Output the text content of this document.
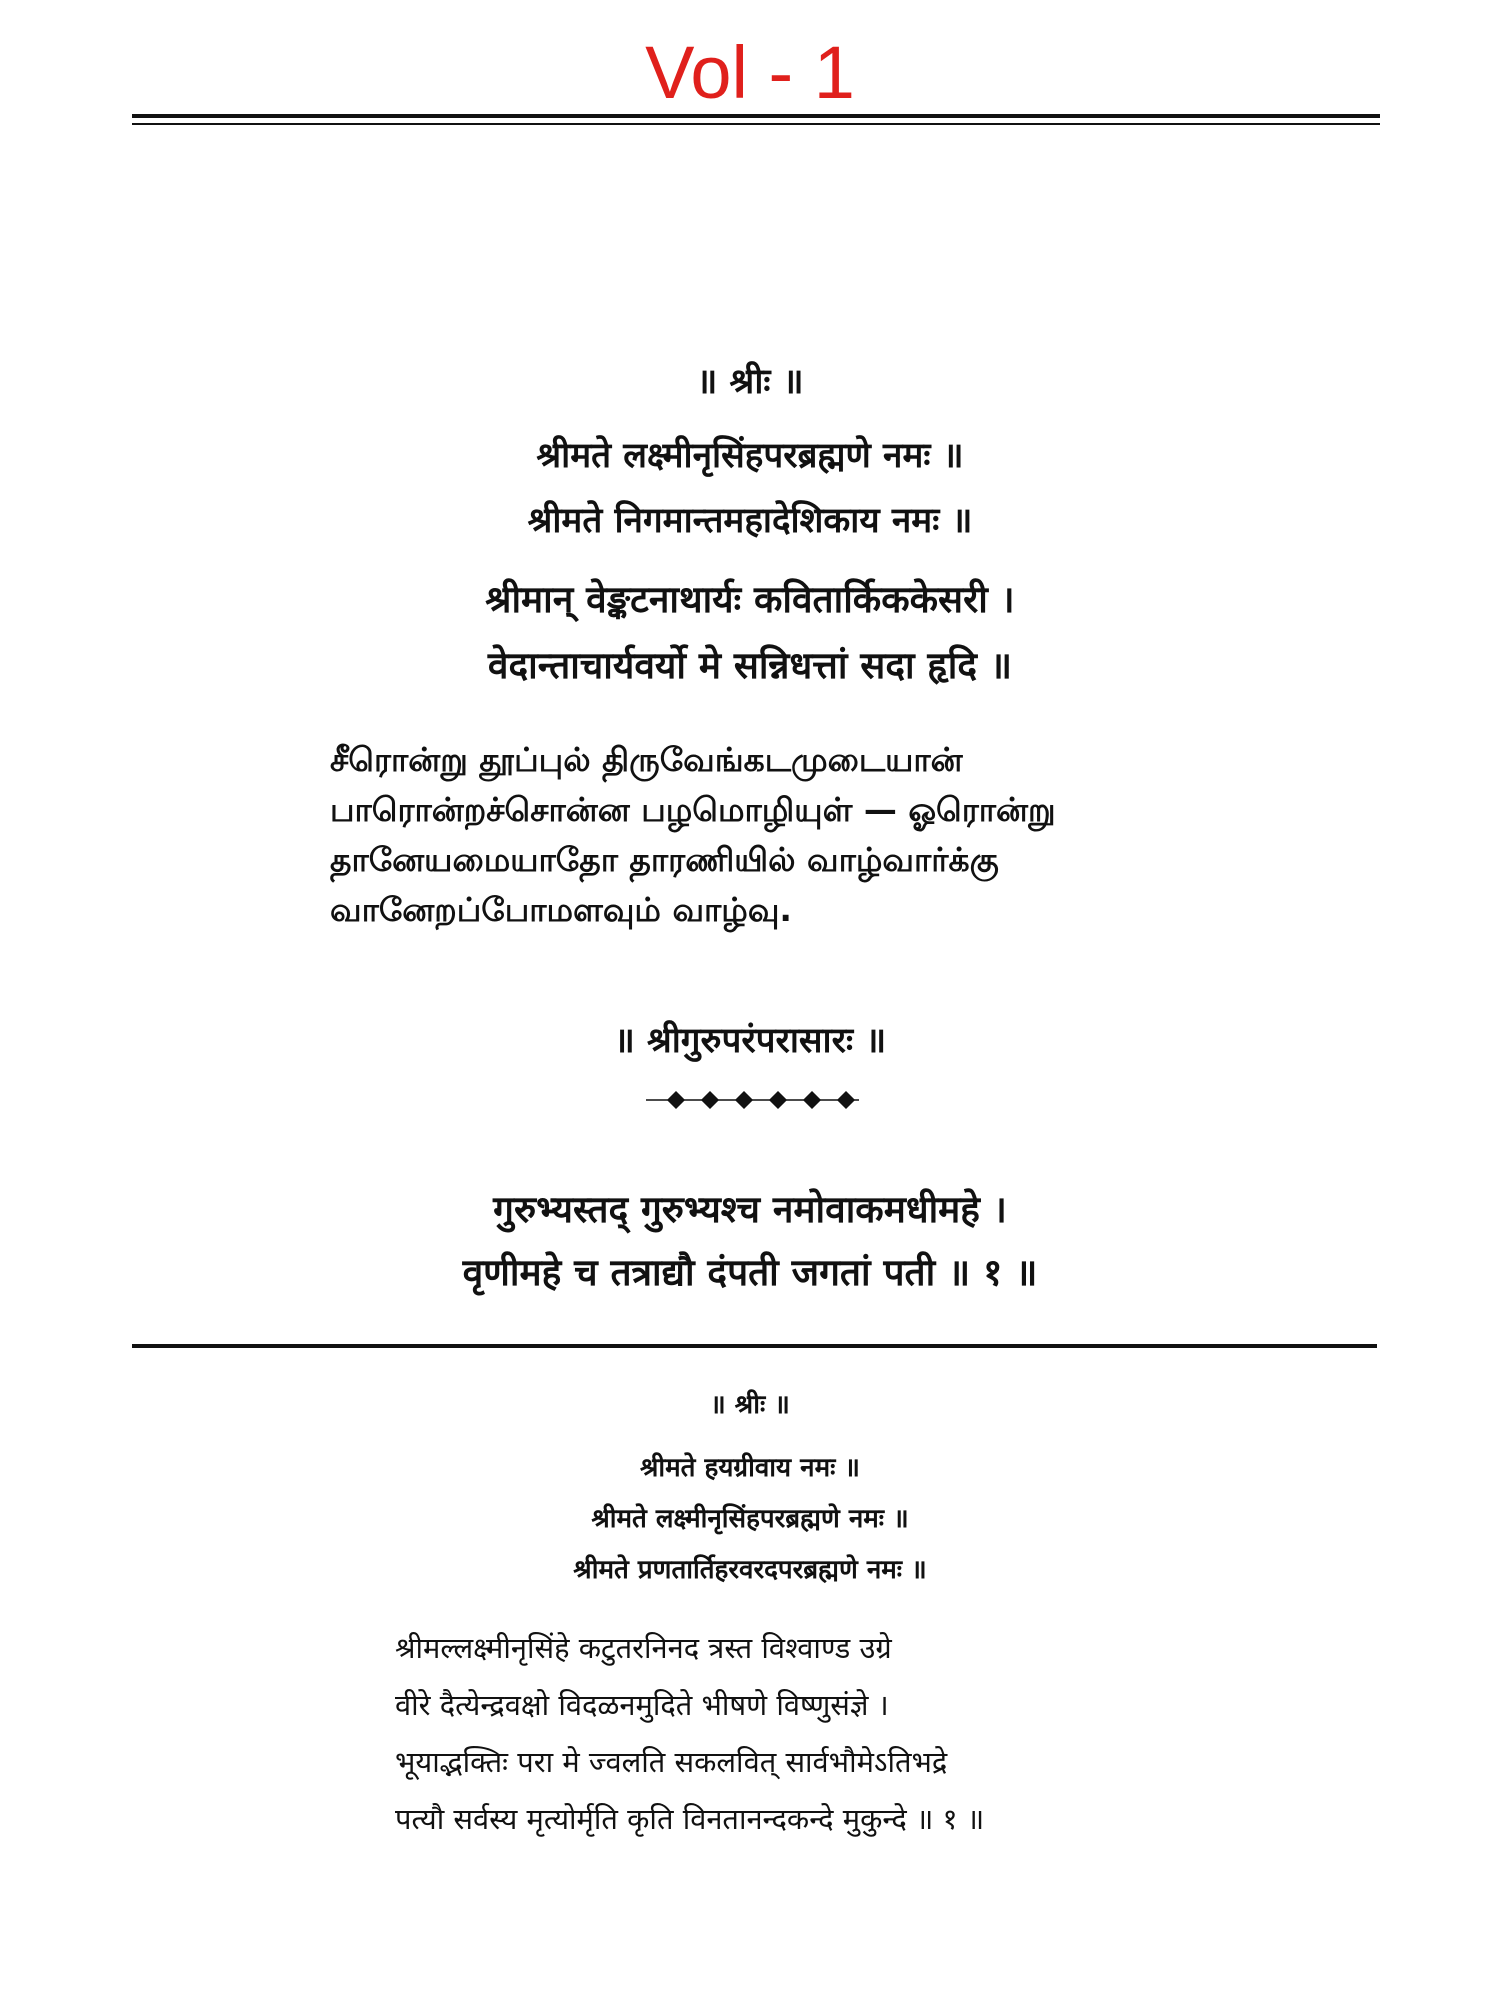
Vol - 1

॥ श्रीः ॥

श्रीमते लक्ष्मीनृसिंहपरब्रह्मणे नमः ॥

श्रीमते निगमान्तमहादेशिकाय नमः ॥

श्रीमान् वेङ्कटनाथार्यः कवितार्किककेसरी ।

वेदान्ताचार्यवर्यो मे सन्निधत्तां सदा हृदि ॥

சீரொன்று தூப்புல் திருவேங்கடமுடையான்
பாரொன்றச்சொன்ன பழமொழியுள் — ஓரொன்று
தானேயமையாதோ தாரணியில் வாழ்வார்க்கு
வானேறப்போமளவும் வாழ்வு.

॥ श्रीगुरुपरंपरासारः ॥

गुरुभ्यस्तद् गुरुभ्यश्च नमोवाकमधीमहे ।

वृणीमहे च तत्राद्यौ दंपती जगतां पती ॥ १ ॥

॥ श्रीः ॥

श्रीमते हयग्रीवाय नमः ॥

श्रीमते लक्ष्मीनृसिंहपरब्रह्मणे नमः ॥

श्रीमते प्रणतार्तिहरवरदपरब्रह्मणे नमः ॥

श्रीमल्लक्ष्मीनृसिंहे कटुतरनिनद त्रस्त विश्वाण्ड उग्रे
वीरे दैत्येन्द्रवक्षो विदळनमुदिते भीषणे विष्णुसंज्ञे ।
भूयाद्भक्तिः परा मे ज्वलति सकलवित् सार्वभौमेऽतिभद्रे
पत्यौ सर्वस्य मृत्योर्मृति कृति विनतानन्दकन्दे मुकुन्दे ॥ १ ॥
